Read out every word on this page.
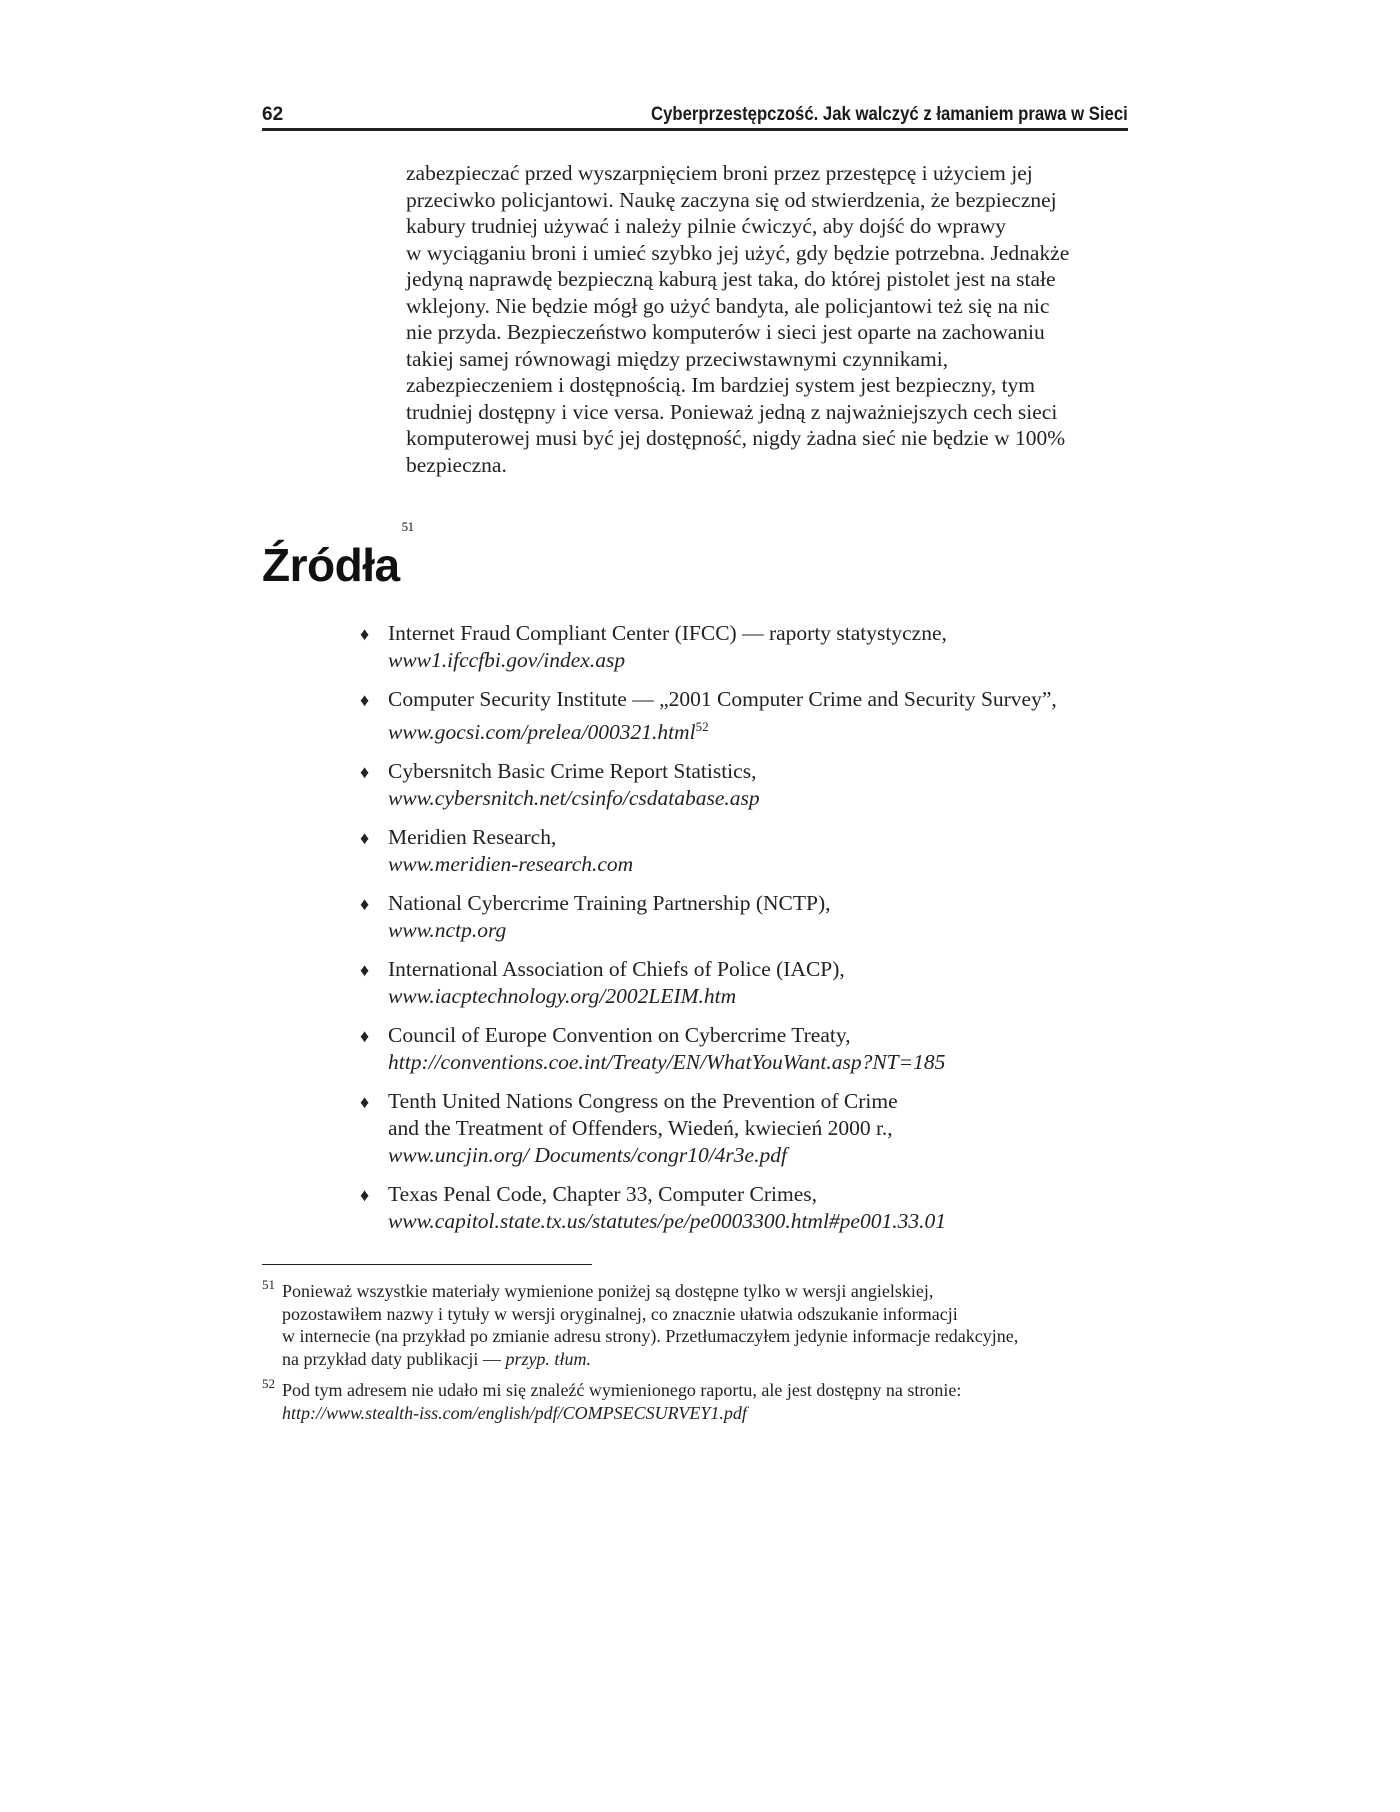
62	Cyberprzestępczość. Jak walczyć z łamaniem prawa w Sieci

zabezpieczać przed wyszarpnięciem broni przez przestępcę i użyciem jej
przeciwko policjantowi. Naukę zaczyna się od stwierdzenia, że bezpiecznej
kabury trudniej używać i należy pilnie ćwiczyć, aby dojść do wprawy
w wyciąganiu broni i umieć szybko jej użyć, gdy będzie potrzebna. Jednakże
jedyną naprawdę bezpieczną kaburą jest taka, do której pistolet jest na stałe
wklejony. Nie będzie mógł go użyć bandyta, ale policjantowi też się na nic
nie przyda. Bezpieczeństwo komputerów i sieci jest oparte na zachowaniu
takiej samej równowagi między przeciwstawnymi czynnikami,
zabezpieczeniem i dostępnością. Im bardziej system jest bezpieczny, tym
trudniej dostępny i vice versa. Ponieważ jedną z najważniejszych cech sieci
komputerowej musi być jej dostępność, nigdy żadna sieć nie będzie w 100%
bezpieczna.

Źródła$^{51}$
♦ Internet Fraud Compliant Center (IFCC) — raporty statystyczne,
www1.ifccfbi.gov/index.asp
♦ Computer Security Institute — „2001 Computer Crime and Security Survey”,
www.gocsi.com/prelea/000321.html$^{52}$
♦ Cybersnitch Basic Crime Report Statistics,
www.cybersnitch.net/csinfo/csdatabase.asp
♦ Meridien Research,
www.meridien-research.com
♦ National Cybercrime Training Partnership (NCTP),
www.nctp.org
♦ International Association of Chiefs of Police (IACP),
www.iacptechnology.org/2002LEIM.htm
♦ Council of Europe Convention on Cybercrime Treaty,
http://conventions.coe.int/Treaty/EN/WhatYouWant.asp?NT=185
♦ Tenth United Nations Congress on the Prevention of Crime
and the Treatment of Offenders, Wiedeń, kwiecień 2000 r.,
www.uncjin.org/ Documents/congr10/4r3e.pdf
♦ Texas Penal Code, Chapter 33, Computer Crimes,
www.capitol.state.tx.us/statutes/pe/pe0003300.html#pe001.33.01
51 Ponieważ wszystkie materiały wymienione poniżej są dostępne tylko w wersji angielskiej,
pozostawiłem nazwy i tytuły w wersji oryginalnej, co znacznie ułatwia odszukanie informacji
w internecie (na przykład po zmianie adresu strony). Przetłumaczyłem jedynie informacje redakcyjne,
na przykład daty publikacji — przyp. tłum.
52 Pod tym adresem nie udało mi się znaleźć wymienionego raportu, ale jest dostępny na stronie:
http://www.stealth-iss.com/english/pdf/COMPSECSURVEY1.pdf
